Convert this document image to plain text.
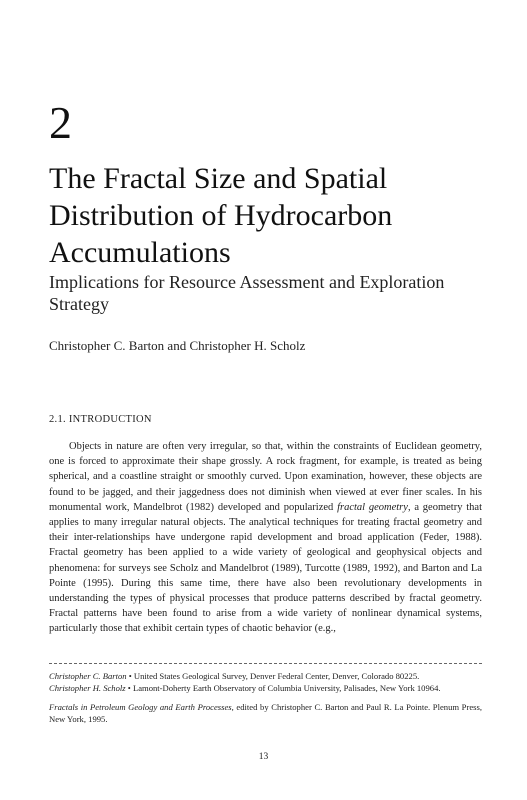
2
The Fractal Size and Spatial Distribution of Hydrocarbon Accumulations
Implications for Resource Assessment and Exploration Strategy
Christopher C. Barton and Christopher H. Scholz
2.1. INTRODUCTION

Objects in nature are often very irregular, so that, within the constraints of Euclidean geometry, one is forced to approximate their shape grossly. A rock fragment, for example, is treated as being spherical, and a coastline straight or smoothly curved. Upon examination, however, these objects are found to be jagged, and their jaggedness does not diminish when viewed at ever finer scales. In his monumental work, Mandelbrot (1982) developed and popularized fractal geometry, a geometry that applies to many irregular natural objects. The analytical techniques for treating fractal geometry and their inter-relationships have undergone rapid development and broad application (Feder, 1988). Fractal geometry has been applied to a wide variety of geological and geophysical objects and phenomena: for surveys see Scholz and Mandelbrot (1989), Turcotte (1989, 1992), and Barton and La Pointe (1995). During this same time, there have also been revolutionary developments in understanding the types of physical processes that produce patterns described by fractal geometry. Fractal patterns have been found to arise from a wide variety of nonlinear dynamical systems, particularly those that exhibit certain types of chaotic behavior (e.g.,

Christopher C. Barton • United States Geological Survey, Denver Federal Center, Denver, Colorado 80225.

Christopher H. Scholz • Lamont-Doherty Earth Observatory of Columbia University, Palisades, New York 10964.

Fractals in Petroleum Geology and Earth Processes, edited by Christopher C. Barton and Paul R. La Pointe. Plenum Press, New York, 1995.

13
